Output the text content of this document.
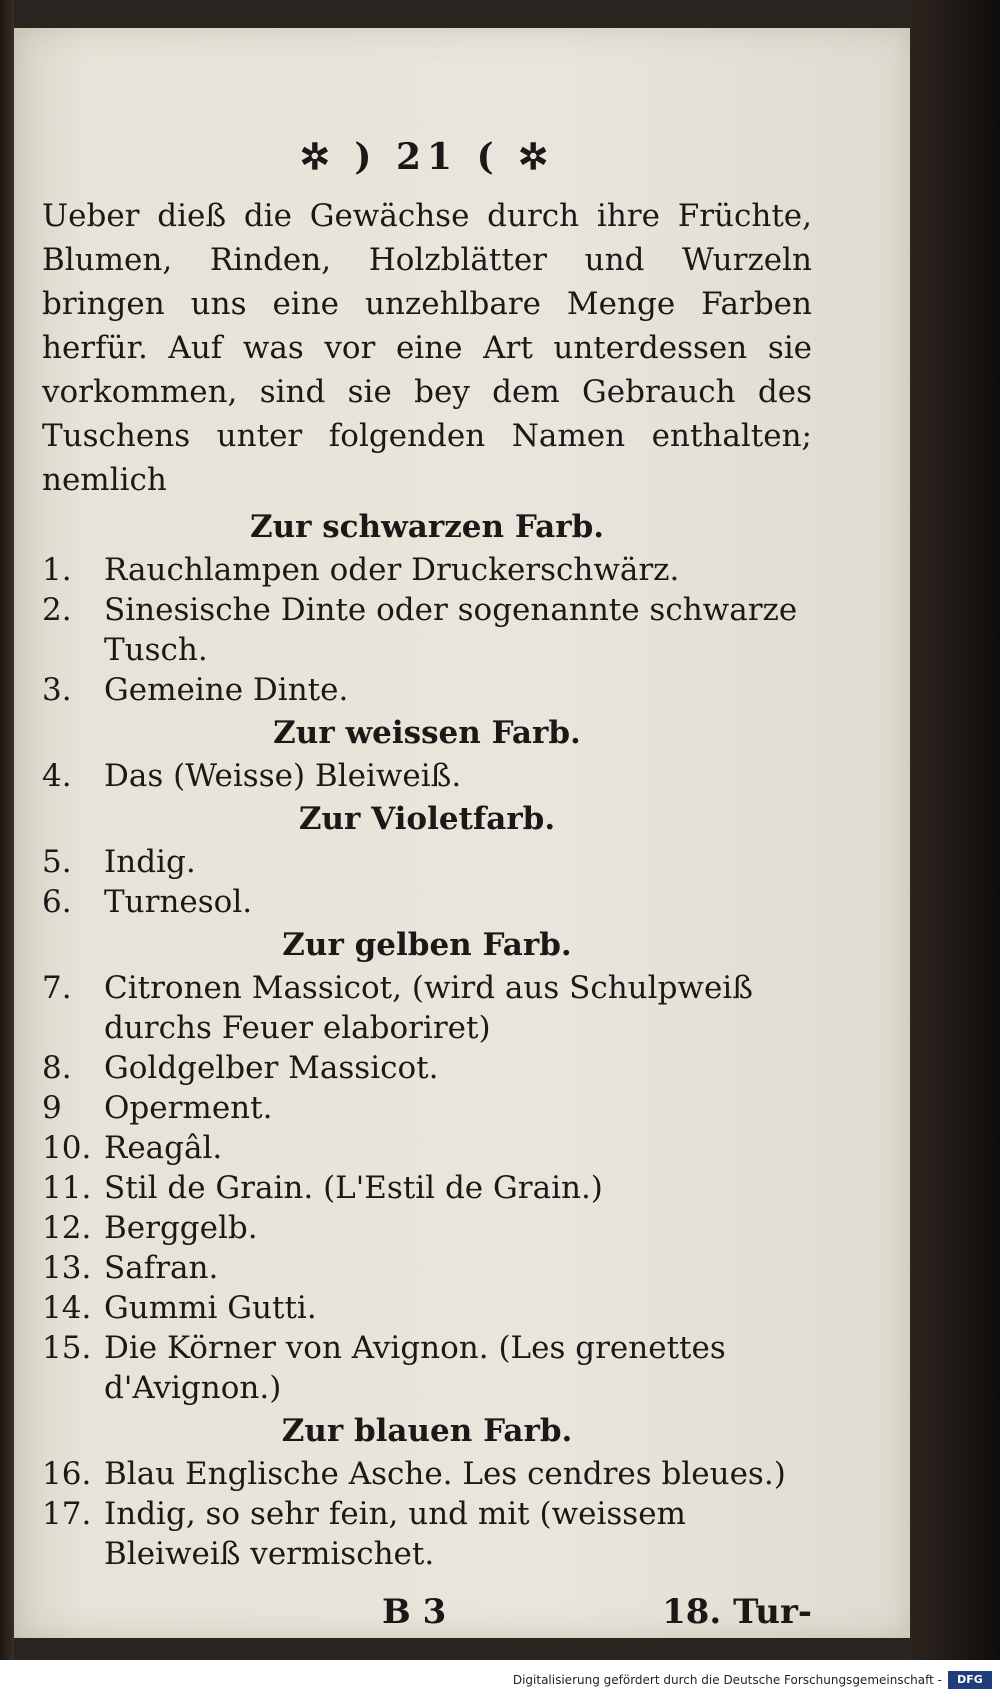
✲ ) 21 ( ✲

Ueber dieß die Gewächse durch ihre Früchte, Blumen, Rinden, Holzblätter und Wurzeln bringen uns eine unzehlbare Menge Farben herfür. Auf was vor eine Art unterdessen sie vorkommen, sind sie bey dem Gebrauch des Tuschens unter folgenden Namen enthalten; nemlich

Zur schwarzen Farb.
1.	Rauchlampen oder Druckerschwärz.
2.	Sinesische Dinte oder sogenannte schwarze Tusch.
3.	Gemeine Dinte.
Zur weissen Farb.
4.	Das (Weisse) Bleiweiß.
Zur Violetfarb.
5.	Indig.
6.	Turnesol.
Zur gelben Farb.
7.	Citronen Massicot, (wird aus Schulpweiß durchs Feuer elaboriret)
8.	Goldgelber Massicot.
9	Operment.
10. Reagâl.
11. Stil de Grain. (L'Estil de Grain.)
12. Berggelb.
13. Safran.
14. Gummi Gutti.
15. Die Körner von Avignon. (Les grenettes d'Avignon.)
Zur blauen Farb.
16. Blau Englische Asche. Les cendres bleues.)
17. Indig, so sehr fein, und mit (weissem Bleiweiß vermischet.
B 3	18. Tur-
Digitalisierung gefördert durch die Deutsche Forschungsgemeinschaft -	DFG
